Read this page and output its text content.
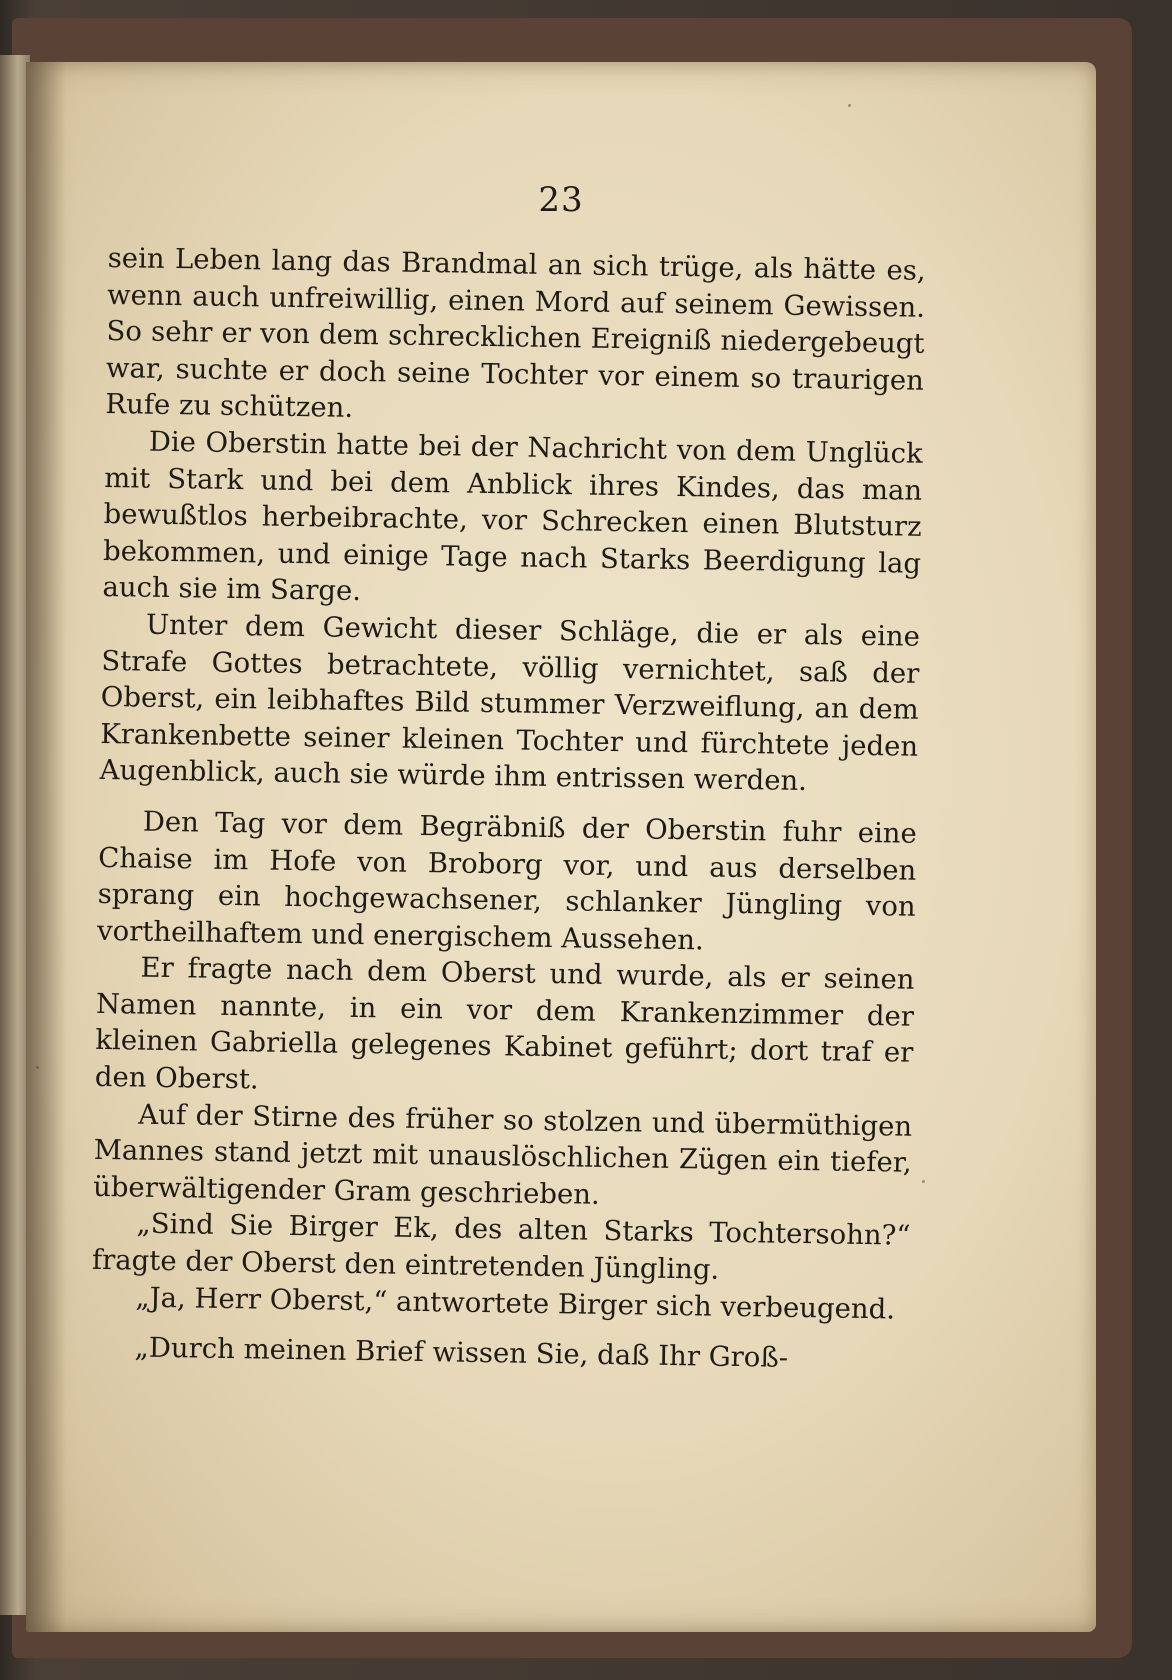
23

sein Leben lang das Brandmal an sich trüge, als hätte es, wenn auch unfreiwillig, einen Mord auf seinem Gewissen. So sehr er von dem schrecklichen Ereigniß niedergebeugt war, suchte er doch seine Tochter vor einem so traurigen Rufe zu schützen.

Die Oberstin hatte bei der Nachricht von dem Unglück mit Stark und bei dem Anblick ihres Kindes, das man bewußtlos herbeibrachte, vor Schrecken einen Blutsturz bekommen, und einige Tage nach Starks Beerdigung lag auch sie im Sarge.

Unter dem Gewicht dieser Schläge, die er als eine Strafe Gottes betrachtete, völlig vernichtet, saß der Oberst, ein leibhaftes Bild stummer Verzweiflung, an dem Krankenbette seiner kleinen Tochter und fürchtete jeden Augenblick, auch sie würde ihm entrissen werden.

Den Tag vor dem Begräbniß der Oberstin fuhr eine Chaise im Hofe von Broborg vor, und aus derselben sprang ein hochgewachsener, schlanker Jüngling von vortheilhaftem und energischem Aussehen.

Er fragte nach dem Oberst und wurde, als er seinen Namen nannte, in ein vor dem Krankenzimmer der kleinen Gabriella gelegenes Kabinet geführt; dort traf er den Oberst.

Auf der Stirne des früher so stolzen und übermüthigen Mannes stand jetzt mit unauslöschlichen Zügen ein tiefer, überwältigender Gram geschrieben.

„Sind Sie Birger Ek, des alten Starks Tochtersohn?“ fragte der Oberst den eintretenden Jüngling.

„Ja, Herr Oberst,“ antwortete Birger sich verbeugend.

„Durch meinen Brief wissen Sie, daß Ihr Groß-
